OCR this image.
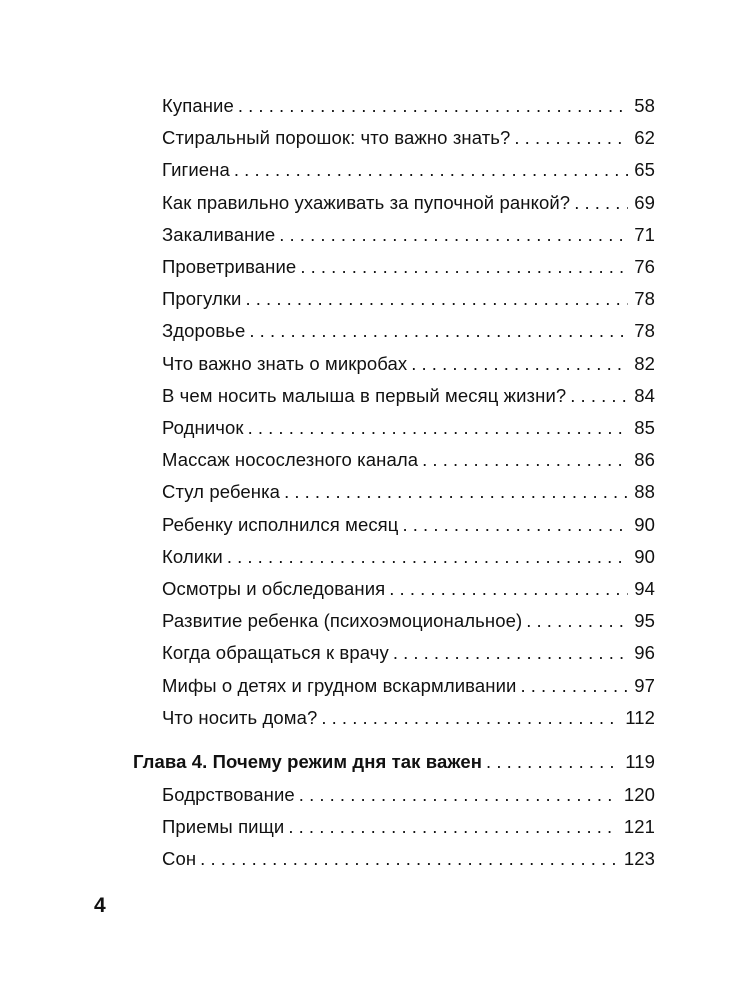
Купание . . .	58
Стиральный порошок: что важно знать? . . .	62
Гигиена . . .	65
Как правильно ухаживать за пупочной ранкой? . . .	69
Закаливание . . .	71
Проветривание . . .	76
Прогулки . . .	78
Здоровье . . .	78
Что важно знать о микробах . . .	82
В чем носить малыша в первый месяц жизни? . . .	84
Родничок . . .	85
Массаж носослезного канала . . .	86
Стул ребенка . . .	88
Ребенку исполнился месяц . . .	90
Колики . . .	90
Осмотры и обследования . . .	94
Развитие ребенка (психоэмоциональное) . . .	95
Когда обращаться к врачу . . .	96
Мифы о детях и грудном вскармливании . . .	97
Что носить дома? . . .	112
Глава 4. Почему режим дня так важен . . .	119
Бодрствование . . .	120
Приемы пищи . . .	121
Сон . . .	123
4
